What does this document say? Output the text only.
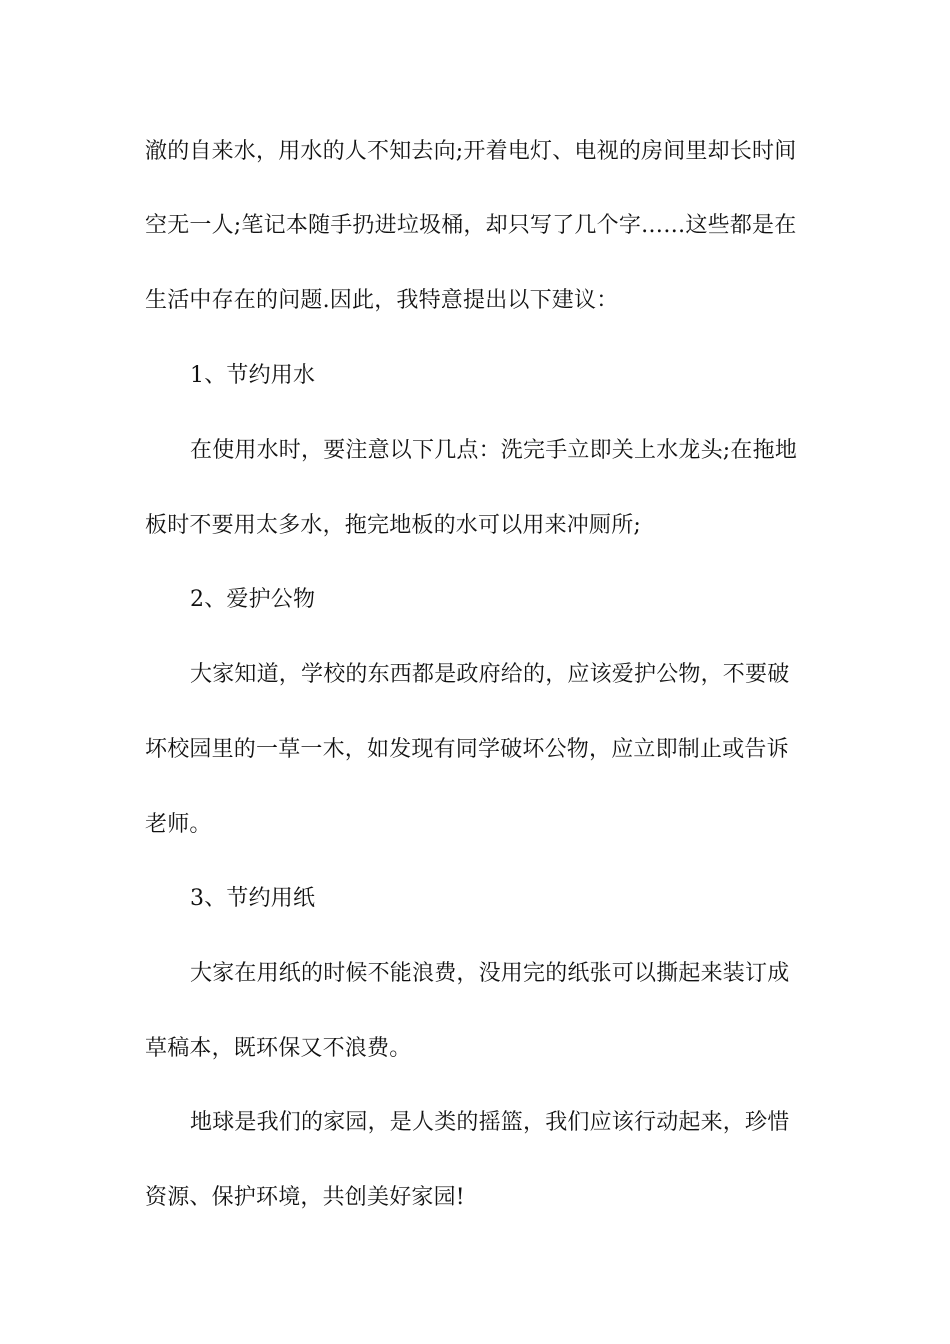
澈的自来水，用水的人不知去向;开着电灯、电视的房间里却长时间
空无一人;笔记本随手扔进垃圾桶，却只写了几个字……这些都是在
生活中存在的问题.因此，我特意提出以下建议：
1、节约用水
在使用水时，要注意以下几点：洗完手立即关上水龙头;在拖地
板时不要用太多水，拖完地板的水可以用来冲厕所;
2、爱护公物
大家知道，学校的东西都是政府给的，应该爱护公物，不要破
坏校园里的一草一木，如发现有同学破坏公物，应立即制止或告诉
老师。
3、节约用纸
大家在用纸的时候不能浪费，没用完的纸张可以撕起来装订成
草稿本，既环保又不浪费。
地球是我们的家园，是人类的摇篮，我们应该行动起来，珍惜
资源、保护环境，共创美好家园!
